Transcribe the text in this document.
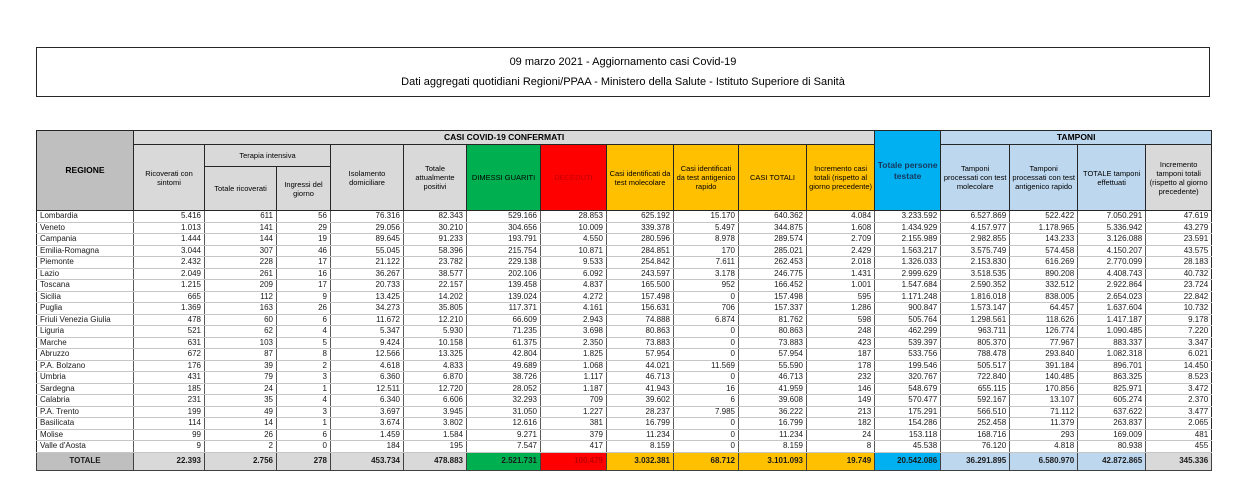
09 marzo 2021 - Aggiornamento casi Covid-19
Dati aggregati quotidiani Regioni/PPAA - Ministero della Salute - Istituto Superiore di Sanità
REGIONE	CASI COVID-19 CONFERMATI											Totale persone testate	TAMPONI			
	Ricoverati con sintomi	Terapia intensiva		Isolamento domiciliare	Totale attualmente positivi	DIMESSI GUARITI	DECEDUTI	Casi identificati da test molecolare	Casi identificati da test antigenico rapido	CASI TOTALI	Incremento casi totali (rispetto al giorno precedente)		Tamponi processati con test molecolare	Tamponi processati con test antigenico rapido	TOTALE tamponi effettuati	Incremento tamponi totali (rispetto al giorno precedente)
		Totale ricoverati	Ingressi del giorno													
Lombardia	5.416	611	56	76.316	82.343	529.166	28.853	625.192	15.170	640.362	4.084	3.233.592	6.527.869	522.422	7.050.291	47.619
Veneto	1.013	141	29	29.056	30.210	304.656	10.009	339.378	5.497	344.875	1.608	1.434.929	4.157.977	1.178.965	5.336.942	43.279
Campania	1.444	144	19	89.645	91.233	193.791	4.550	280.596	8.978	289.574	2.709	2.155.989	2.982.855	143.233	3.126.088	23.591
Emilia-Romagna	3.044	307	46	55.045	58.396	215.754	10.871	284.851	170	285.021	2.429	1.563.217	3.575.749	574.458	4.150.207	43.575
Piemonte	2.432	228	17	21.122	23.782	229.138	9.533	254.842	7.611	262.453	2.018	1.326.033	2.153.830	616.269	2.770.099	28.183
Lazio	2.049	261	16	36.267	38.577	202.106	6.092	243.597	3.178	246.775	1.431	2.999.629	3.518.535	890.208	4.408.743	40.732
Toscana	1.215	209	17	20.733	22.157	139.458	4.837	165.500	952	166.452	1.001	1.547.684	2.590.352	332.512	2.922.864	23.724
Sicilia	665	112	9	13.425	14.202	139.024	4.272	157.498	0	157.498	595	1.171.248	1.816.018	838.005	2.654.023	22.842
Puglia	1.369	163	26	34.273	35.805	117.371	4.161	156.631	706	157.337	1.286	900.847	1.573.147	64.457	1.637.604	10.732
Friuli Venezia Giulia	478	60	6	11.672	12.210	66.609	2.943	74.888	6.874	81.762	598	505.764	1.298.561	118.626	1.417.187	9.178
Liguria	521	62	4	5.347	5.930	71.235	3.698	80.863	0	80.863	248	462.299	963.711	126.774	1.090.485	7.220
Marche	631	103	5	9.424	10.158	61.375	2.350	73.883	0	73.883	423	539.397	805.370	77.967	883.337	3.347
Abruzzo	672	87	8	12.566	13.325	42.804	1.825	57.954	0	57.954	187	533.756	788.478	293.840	1.082.318	6.021
P.A. Bolzano	176	39	2	4.618	4.833	49.689	1.068	44.021	11.569	55.590	178	199.546	505.517	391.184	896.701	14.450
Umbria	431	79	3	6.360	6.870	38.726	1.117	46.713	0	46.713	232	320.767	722.840	140.485	863.325	8.523
Sardegna	185	24	1	12.511	12.720	28.052	1.187	41.943	16	41.959	146	548.679	655.115	170.856	825.971	3.472
Calabria	231	35	4	6.340	6.606	32.293	709	39.602	6	39.608	149	570.477	592.167	13.107	605.274	2.370
P.A. Trento	199	49	3	3.697	3.945	31.050	1.227	28.237	7.985	36.222	213	175.291	566.510	71.112	637.622	3.477
Basilicata	114	14	1	3.674	3.802	12.616	381	16.799	0	16.799	182	154.286	252.458	11.379	263.837	2.065
Molise	99	26	6	1.459	1.584	9.271	379	11.234	0	11.234	24	153.118	168.716	293	169.009	481
Valle d'Aosta	9	2	0	184	195	7.547	417	8.159	0	8.159	8	45.538	76.120	4.818	80.938	455
TOTALE	22.393	2.756	278	453.734	478.883	2.521.731	100.479	3.032.381	68.712	3.101.093	19.749	20.542.086	36.291.895	6.580.970	42.872.865	345.336
